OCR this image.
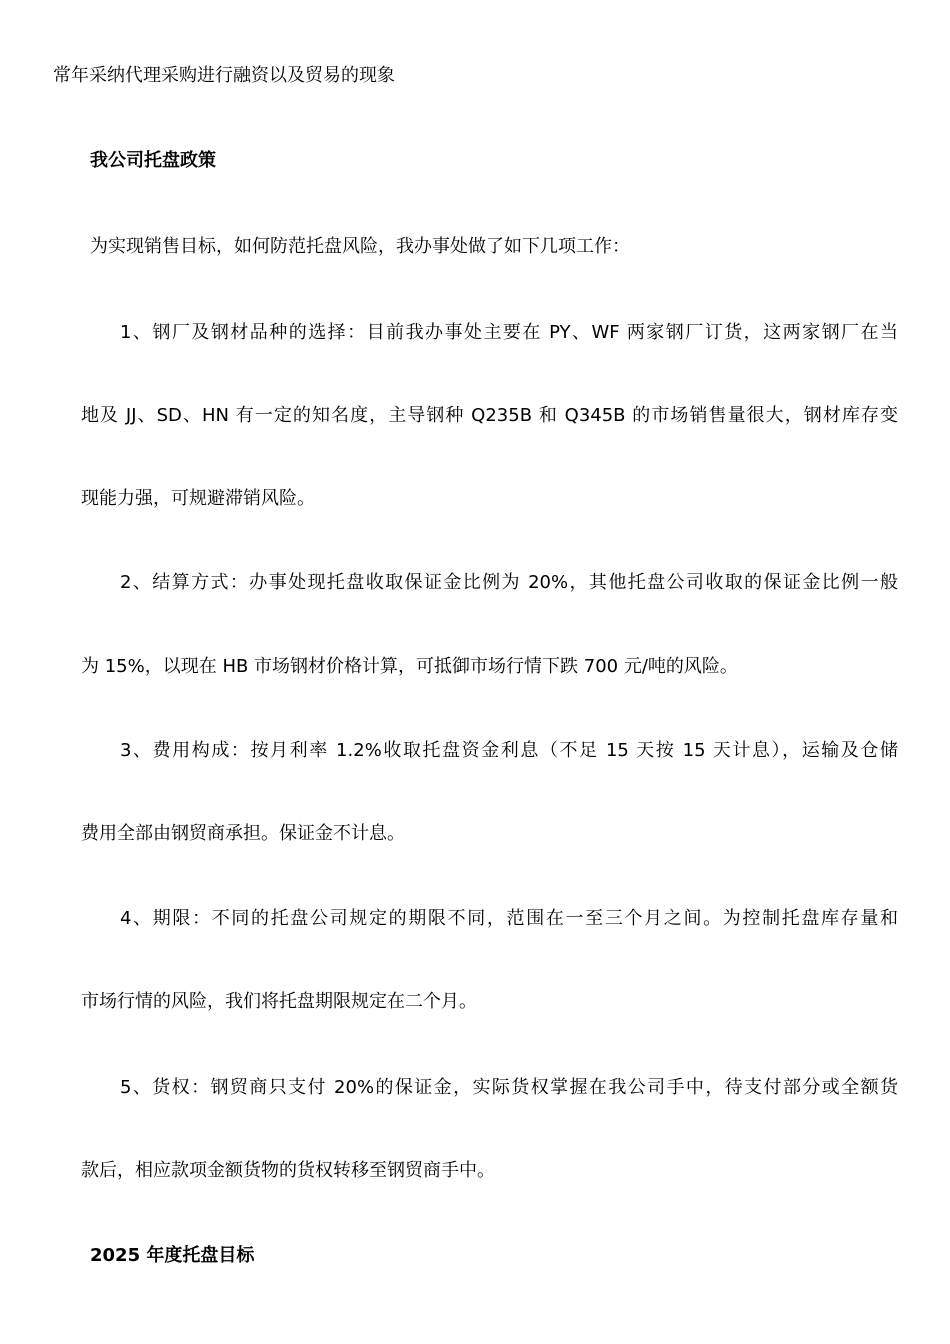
常年采纳代理采购进行融资以及贸易的现象
我公司托盘政策
为实现销售目标，如何防范托盘风险，我办事处做了如下几项工作：
1、钢厂及钢材品种的选择：目前我办事处主要在 PY、WF 两家钢厂订货，这两家钢厂在当
地及 JJ、SD、HN 有一定的知名度，主导钢种 Q235B 和 Q345B 的市场销售量很大，钢材库存变
现能力强，可规避滞销风险。
2、结算方式：办事处现托盘收取保证金比例为 20%，其他托盘公司收取的保证金比例一般
为 15%，以现在 HB 市场钢材价格计算，可抵御市场行情下跌 700 元/吨的风险。
3、费用构成：按月利率 1.2%收取托盘资金利息（不足 15 天按 15 天计息），运输及仓储
费用全部由钢贸商承担。保证金不计息。
4、期限：不同的托盘公司规定的期限不同，范围在一至三个月之间。为控制托盘库存量和
市场行情的风险，我们将托盘期限规定在二个月。
5、货权：钢贸商只支付 20%的保证金，实际货权掌握在我公司手中，待支付部分或全额货
款后，相应款项金额货物的货权转移至钢贸商手中。
2025 年度托盘目标
